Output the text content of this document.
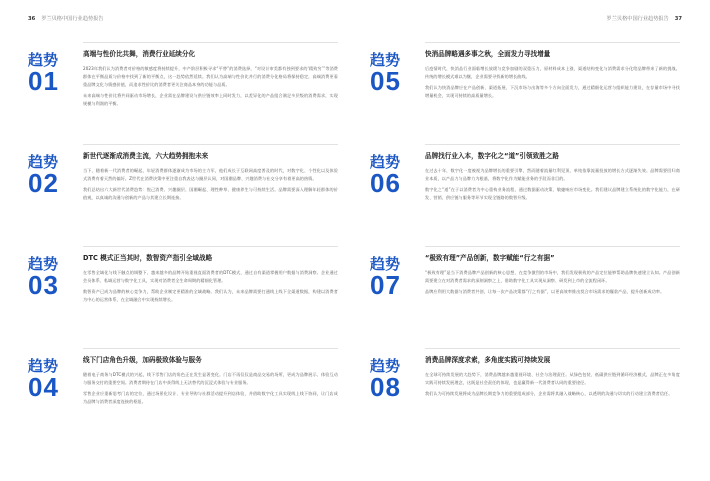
36 罗兰贝格中国行业趋势报告	罗兰贝格中国行业趋势报告 37
趋势
01
高端与性价比共舞，消费行业延续分化

2023年我们认为消费者对价格的敏感度将持续提升，中产阶层积极寻求“平替”的消费选择，“对设计审美都有独到要求的‘精致穷’”等消费群体在平衡品质与价格中找到了新的平衡点，这一趋势依然延续。我们认为高端与性价比并行的消费分化格局将保持稳定，高端消费更看重品牌文化与情感价值，而追求性价比的消费者更关注商品本身的功能与品质。

未来高端与性价比将共同驱动市场增长，企业需在品牌建设与供应链效率上同时发力，以差异化的产品组合满足多层级的消费需求，实现规模与利润的平衡。

趋势
02
新世代逐渐成消费主流，六大趋势拥抱未来

当下，随着新一代消费者的崛起，年轻消费群体逐渐成为市场的主力军，他们成长于互联网高度普及的时代，对数字化、个性化以及体验式消费有着天然的偏好。Z世代在消费决策中更注重自我表达与圈层认同，对国潮品牌、兴趣消费与社交分享有着更高的热情。

我们总结出六大新世代消费趋势：悦己消费、兴趣圈层、国潮崛起、理性种草、健康养生与可持续生活。品牌需要深入理解年轻群体的价值观，以真诚的沟通与创新的产品与其建立长期连接。

趋势
03
DTC 模式正当其时，数智资产指引全域战略

在零售全域化与线下触点的调整下，越来越多的品牌开始重视直面消费者的DTC模式，通过自有渠道掌握用户数据与消费洞察。企业通过会员体系、私域运营与数字化工具，实现对消费者全生命周期的精细化管理。

数智资产已成为品牌的核心竞争力，帮助企业制定更精准的全域战略。我们认为，未来品牌需要打通线上线下全渠道数据，构建以消费者为中心的运营体系，在全域融合中实现持续增长。

趋势
04
线下门店角色升级，加码极致体验与服务

随着电子商务与DTC模式的兴起，线下零售门店的角色正在发生显著变化。门店不再仅仅是商品交易的场所，更成为品牌展示、体验互动与服务交付的重要空间。消费者期待在门店中获得线上无法替代的沉浸式体验与专业服务。

零售企业应重新思考门店的定位，通过场景化设计、专业导购与社群活动提升到店体验，并借助数字化工具实现线上线下协同，让门店成为品牌与消费者深度连接的枢纽。

趋势
05
快消品牌略遇多事之秋，全面发力寻找增量

后疫情时代，快消品行业面临增长放缓与竞争加剧的双重压力，原材料成本上涨、渠道结构变化与消费需求分化给品牌带来了新的挑战。传统的增长模式难以为继，企业需要寻找新的增长曲线。

我们认为快消品牌应在产品创新、渠道拓展、下沉市场与出海等多个方向全面发力，通过精细化运营与组织能力建设，在存量市场中寻找增量机会，实现可持续的高质量增长。

趋势
06
品牌找行业入本，数字化之“道”引领致胜之路

在过去十年，数字化一度被视为品牌增长的重要引擎，然而随着流量红利见顶，单纯依靠流量投放的增长方式逐渐失效。品牌需要回归商业本质，以产品力与品牌力为根基，将数字化作为赋能业务的手段而非目的。

数字化之“道”在于以消费者为中心重构业务流程，通过数据驱动决策、敏捷响应市场变化。我们建议品牌建立系统化的数字化能力，在研发、营销、供应链与服务等环节实现全链路的数智升级。

趋势
07
“极致有理”产品创新，数字赋能“行之有据”

“极致有理”是当下消费品牌产品创新的核心思想，在竞争激烈的市场中，我们发现极致的产品定位能够帮助品牌快速建立认知。产品创新需要建立在对消费者需求的深刻洞察之上，借助数字化工具实现从洞察、研发到上市的全流程闭环。

品牌应利用大数据与消费者共创，让每一次产品决策都“行之有据”，以更高效率推出契合市场需求的爆款产品，提升创新成功率。

趋势
08
消费品牌深度求索，多角度实践可持续发展

在全球可持续发展的大趋势下，消费品牌越来越重视环境、社会与治理责任。从绿色包装、低碳供应链到循环经济模式，品牌正在多角度实践可持续发展理念，这既是社会责任的体现，也是赢得新一代消费者认同的重要途径。

我们认为可持续发展将成为品牌长期竞争力的重要组成部分，企业需将其融入战略核心，以透明的沟通与切实的行动建立消费者信任。
